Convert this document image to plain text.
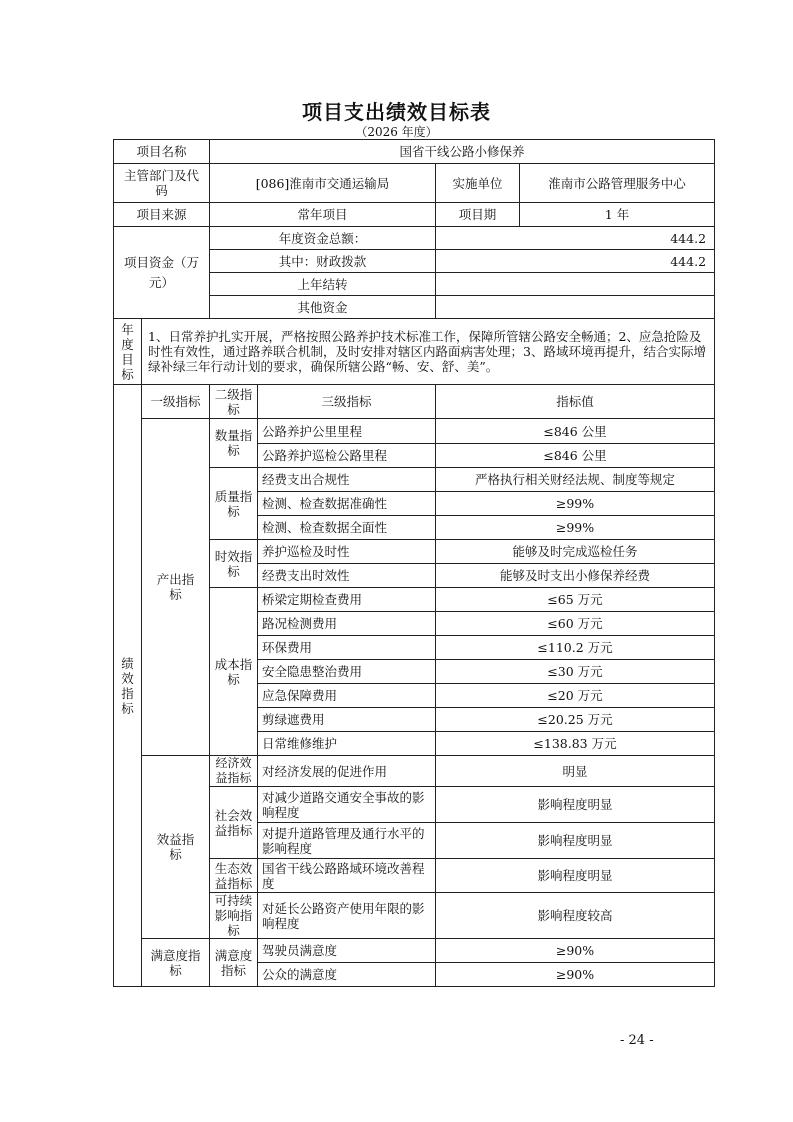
项目支出绩效目标表
（2026 年度）
项目名称		国省干线公路小修保养			
主管部门及代码		[086]淮南市交通运输局		实施单位	淮南市公路管理服务中心
项目来源		常年项目		项目期	1 年
项目资金（万元）		年度资金总额：		444.2	
		其中：财政拨款		444.2	
		上年结转			
		其他资金			
年度目标	1、日常养护扎实开展，严格按照公路养护技术标准工作，保障所管辖公路安全畅通；2、应急抢险及时性有效性，通过路养联合机制，及时安排对辖区内路面病害处理；3、路域环境再提升，结合实际增绿补绿三年行动计划的要求，确保所辖公路“畅、安、舒、美”。				
绩效指标	一级指标	二级指标	三级指标	指标值	
	产出指标	数量指标	公路养护公里里程	≤846 公里	
			公路养护巡检公路里程	≤846 公里	
		质量指标	经费支出合规性	严格执行相关财经法规、制度等规定	
			检测、检查数据准确性	≥99%	
			检测、检查数据全面性	≥99%	
		时效指标	养护巡检及时性	能够及时完成巡检任务	
			经费支出时效性	能够及时支出小修保养经费	
		成本指标	桥梁定期检查费用	≤65 万元	
			路况检测费用	≤60 万元	
			环保费用	≤110.2 万元	
			安全隐患整治费用	≤30 万元	
			应急保障费用	≤20 万元	
			剪绿遮费用	≤20.25 万元	
			日常维修维护	≤138.83 万元	
	效益指标	经济效益指标	对经济发展的促进作用	明显	
		社会效益指标	对减少道路交通安全事故的影响程度	影响程度明显	
			对提升道路管理及通行水平的影响程度	影响程度明显	
		生态效益指标	国省干线公路路域环境改善程度	影响程度明显	
		可持续影响指标	对延长公路资产使用年限的影响程度	影响程度较高	
	满意度指标	满意度指标	驾驶员满意度	≥90%	
			公众的满意度	≥90%	
- 24 -
